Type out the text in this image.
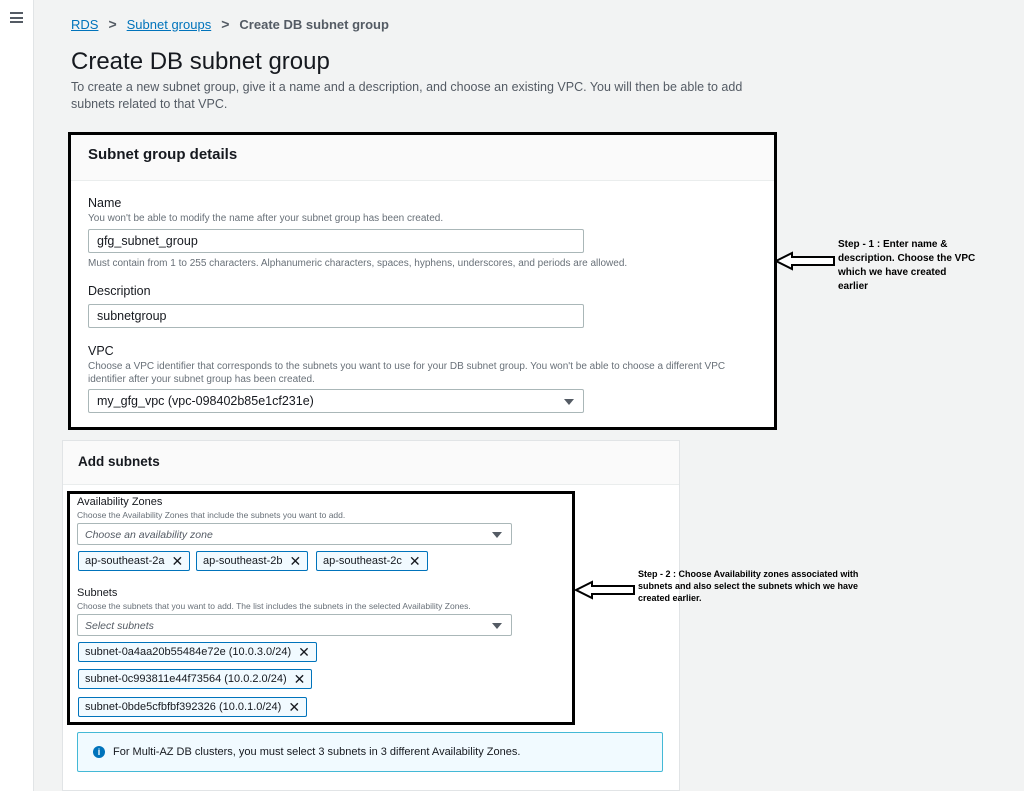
RDS > Subnet groups > Create DB subnet group
Create DB subnet group

To create a new subnet group, give it a name and a description, and choose an existing VPC. You will then be able to add subnets related to that VPC.

Subnet group details
Name
You won't be able to modify the name after your subnet group has been created.
gfg_subnet_group
Must contain from 1 to 255 characters. Alphanumeric characters, spaces, hyphens, underscores, and periods are allowed.
Description
subnetgroup
VPC
Choose a VPC identifier that corresponds to the subnets you want to use for your DB subnet group. You won't be able to choose a different VPC identifier after your subnet group has been created.
my_gfg_vpc (vpc-098402b85e1cf231e)
Step - 1 : Enter name & description. Choose the VPC which we have created earlier
Add subnets
Availability Zones
Choose the Availability Zones that include the subnets you want to add.
Choose an availability zone
ap-southeast-2a ✕ ap-southeast-2b ✕ ap-southeast-2c ✕
Subnets
Choose the subnets that you want to add. The list includes the subnets in the selected Availability Zones.
Select subnets
subnet-0a4aa20b55484e72e (10.0.3.0/24) ✕
subnet-0c993811e44f73564 (10.0.2.0/24) ✕
subnet-0bde5cfbfbf392326 (10.0.1.0/24) ✕
i	For Multi-AZ DB clusters, you must select 3 subnets in 3 different Availability Zones.
Step - 2 : Choose Availability zones associated with subnets and also select the subnets which we have created earlier.
